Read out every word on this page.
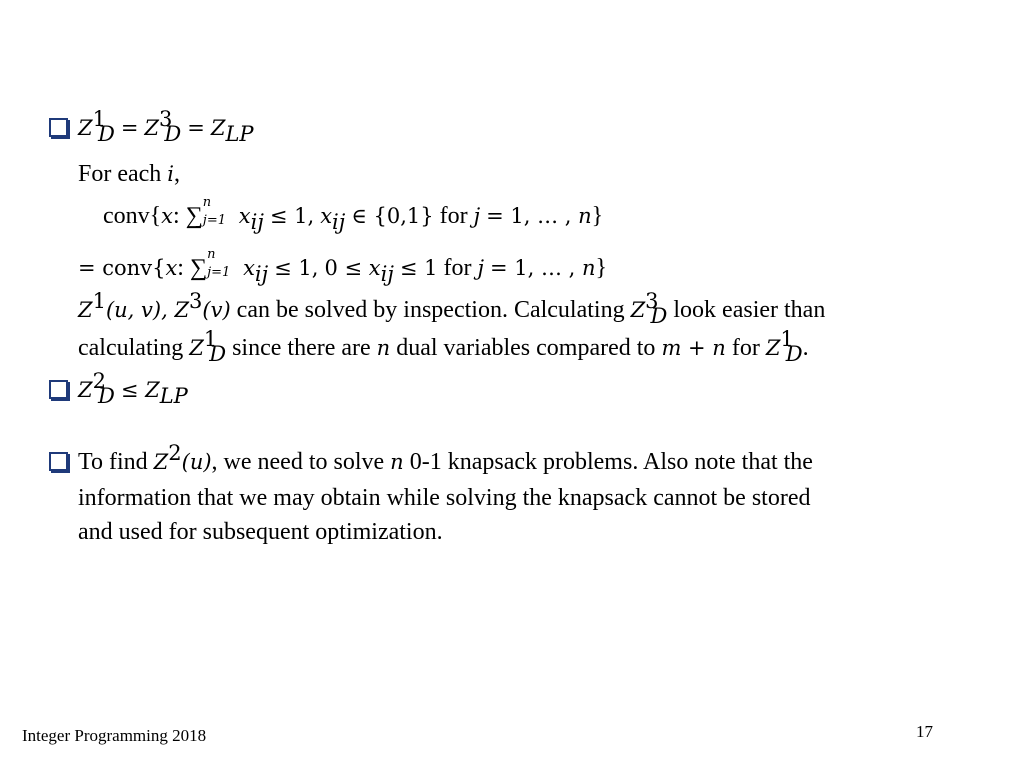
$Z^1_D = Z^3_D = Z_{LP}$
For each i,
conv{x: ∑
n
j=1 $x_{ij} \le 1$, $x_{ij}$ ∈ {0,1} for j = 1, … , n}
= conv{x: ∑
n
j=1 $x_{ij} \le 1$, $0 \le x_{ij} \le 1$ for j = 1, … , n}
$Z^1(u$, v), $Z^3(v)$ can be solved by inspection. Calculating $Z^3_D$ look easier than
calculating $Z^1_D$ since there are n dual variables compared to m + n for $Z^1_D$.
$Z^2_D \le Z_{LP}$
To find $Z^2(u)$, we need to solve n 0-1 knapsack problems. Also note that the
information that we may obtain while solving the knapsack cannot be stored
and used for subsequent optimization.
Integer Programming 2018	17
